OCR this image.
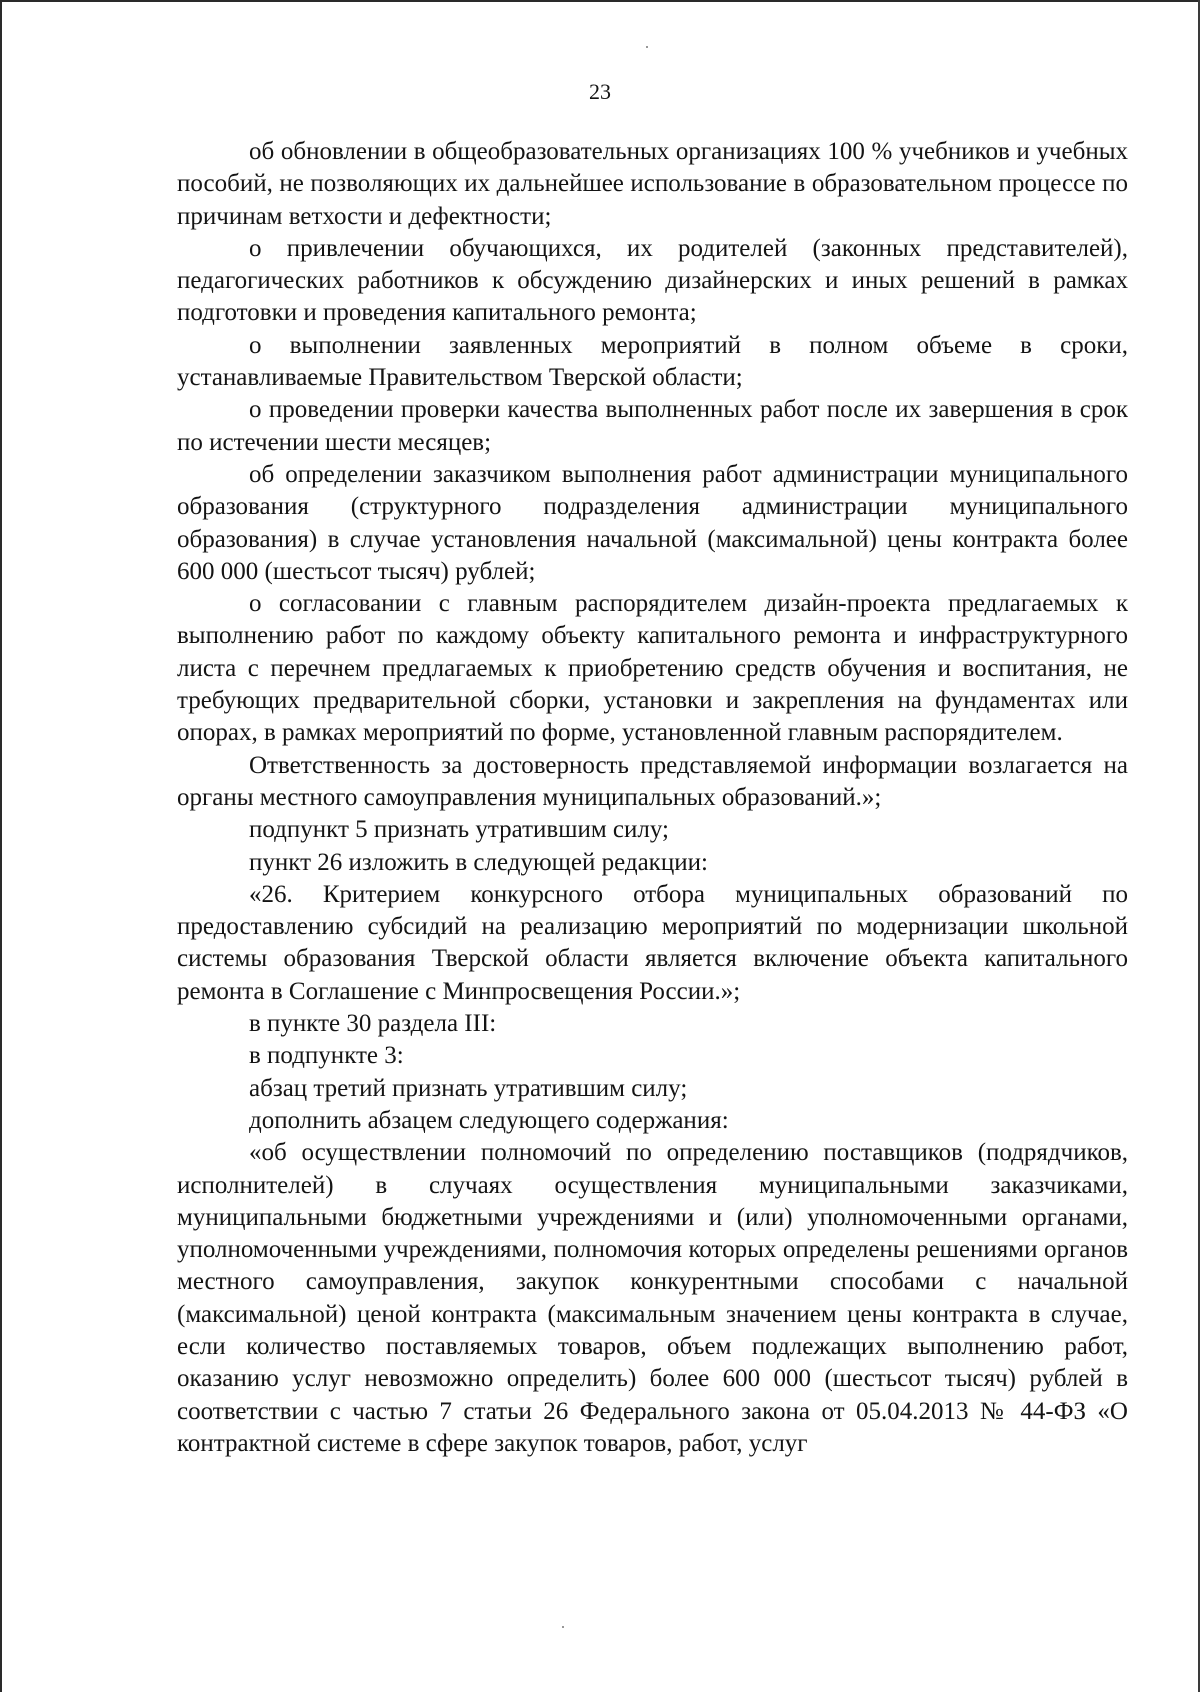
23

об обновлении в общеобразовательных организациях 100 % учебников и учебных пособий, не позволяющих их дальнейшее использование в образовательном процессе по причинам ветхости и дефектности;

о привлечении обучающихся, их родителей (законных представителей), педагогических работников к обсуждению дизайнерских и иных решений в рамках подготовки и проведения капитального ремонта;

о выполнении заявленных мероприятий в полном объеме в сроки, устанавливаемые Правительством Тверской области;

о проведении проверки качества выполненных работ после их завершения в срок по истечении шести месяцев;

об определении заказчиком выполнения работ администрации муниципального образования (структурного подразделения администрации муниципального образования) в случае установления начальной (максимальной) цены контракта более 600 000 (шестьсот тысяч) рублей;

о согласовании с главным распорядителем дизайн-проекта предлагаемых к выполнению работ по каждому объекту капитального ремонта и инфраструктурного листа с перечнем предлагаемых к приобретению средств обучения и воспитания, не требующих предварительной сборки, установки и закрепления на фундаментах или опорах, в рамках мероприятий по форме, установленной главным распорядителем.

Ответственность за достоверность представляемой информации возлагается на органы местного самоуправления муниципальных образований.»;

подпункт 5 признать утратившим силу;

пункт 26 изложить в следующей редакции:

«26. Критерием конкурсного отбора муниципальных образований по предоставлению субсидий на реализацию мероприятий по модернизации школьной системы образования Тверской области является включение объекта капитального ремонта в Соглашение с Минпросвещения России.»;

в пункте 30 раздела III:

в подпункте 3:

абзац третий признать утратившим силу;

дополнить абзацем следующего содержания:

«об осуществлении полномочий по определению поставщиков (подрядчиков, исполнителей) в случаях осуществления муниципальными заказчиками, муниципальными бюджетными учреждениями и (или) уполномоченными органами, уполномоченными учреждениями, полномочия которых определены решениями органов местного самоуправления, закупок конкурентными способами с начальной (максимальной) ценой контракта (максимальным значением цены контракта в случае, если количество поставляемых товаров, объем подлежащих выполнению работ, оказанию услуг невозможно определить) более 600 000 (шестьсот тысяч) рублей в соответствии с частью 7 статьи 26 Федерального закона от 05.04.2013 № 44-ФЗ «О контрактной системе в сфере закупок товаров, работ, услуг
